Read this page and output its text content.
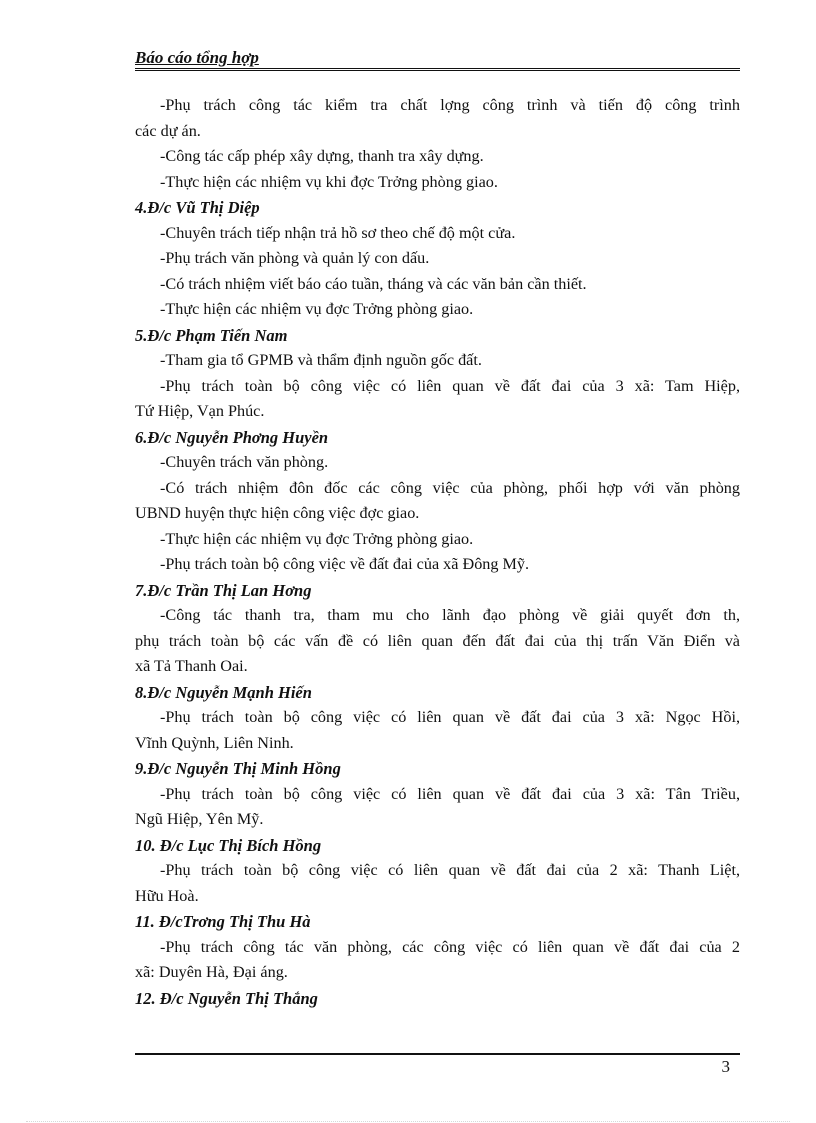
Báo cáo tổng hợp
-Phụ trách công tác kiểm tra chất lợng công trình và tiến độ công trình
các dự án.
-Công tác cấp phép xây dựng, thanh tra xây dựng.
-Thực hiện các nhiệm vụ khi đợc Trởng phòng giao.
4.Đ/c Vũ Thị Diệp
-Chuyên trách tiếp nhận trả hồ sơ theo chế độ một cửa.
-Phụ trách văn phòng và quản lý con dấu.
-Có trách nhiệm viết báo cáo tuần, tháng và các văn bản cần thiết.
-Thực hiện các nhiệm vụ đợc Trởng phòng giao.
5.Đ/c Phạm Tiến Nam
-Tham gia tổ GPMB và thẩm định nguồn gốc đất.
-Phụ trách toàn bộ công việc có liên quan về đất đai của 3 xã: Tam Hiệp,
Tứ Hiệp, Vạn Phúc.
6.Đ/c Nguyễn Phơng Huyền
-Chuyên trách văn phòng.
-Có trách nhiệm đôn đốc các công việc của phòng, phối hợp với văn phòng
UBND huyện thực hiện công việc đợc giao.
-Thực hiện các nhiệm vụ đợc Trởng phòng giao.
-Phụ trách toàn bộ công việc về đất đai của xã Đông Mỹ.
7.Đ/c Trần Thị Lan Hơng
-Công tác thanh tra, tham mu cho lãnh đạo phòng về giải quyết đơn th,
phụ trách toàn bộ các vấn đề có liên quan đến đất đai của thị trấn Văn Điển và
xã Tả Thanh Oai.
8.Đ/c Nguyễn Mạnh Hiến
-Phụ trách toàn bộ công việc có liên quan về đất đai của 3 xã: Ngọc Hồi,
Vĩnh Quỳnh, Liên Ninh.
9.Đ/c Nguyễn Thị Minh Hồng
-Phụ trách toàn bộ công việc có liên quan về đất đai của 3 xã: Tân Triều,
Ngũ Hiệp, Yên Mỹ.
10. Đ/c Lục Thị Bích Hồng
-Phụ trách toàn bộ công việc có liên quan về đất đai của 2 xã: Thanh Liệt,
Hữu Hoà.
11. Đ/cTrơng Thị Thu Hà
-Phụ trách công tác văn phòng, các công việc có liên quan về đất đai của 2
xã: Duyên Hà, Đại áng.
12. Đ/c Nguyễn Thị Thắng
3
